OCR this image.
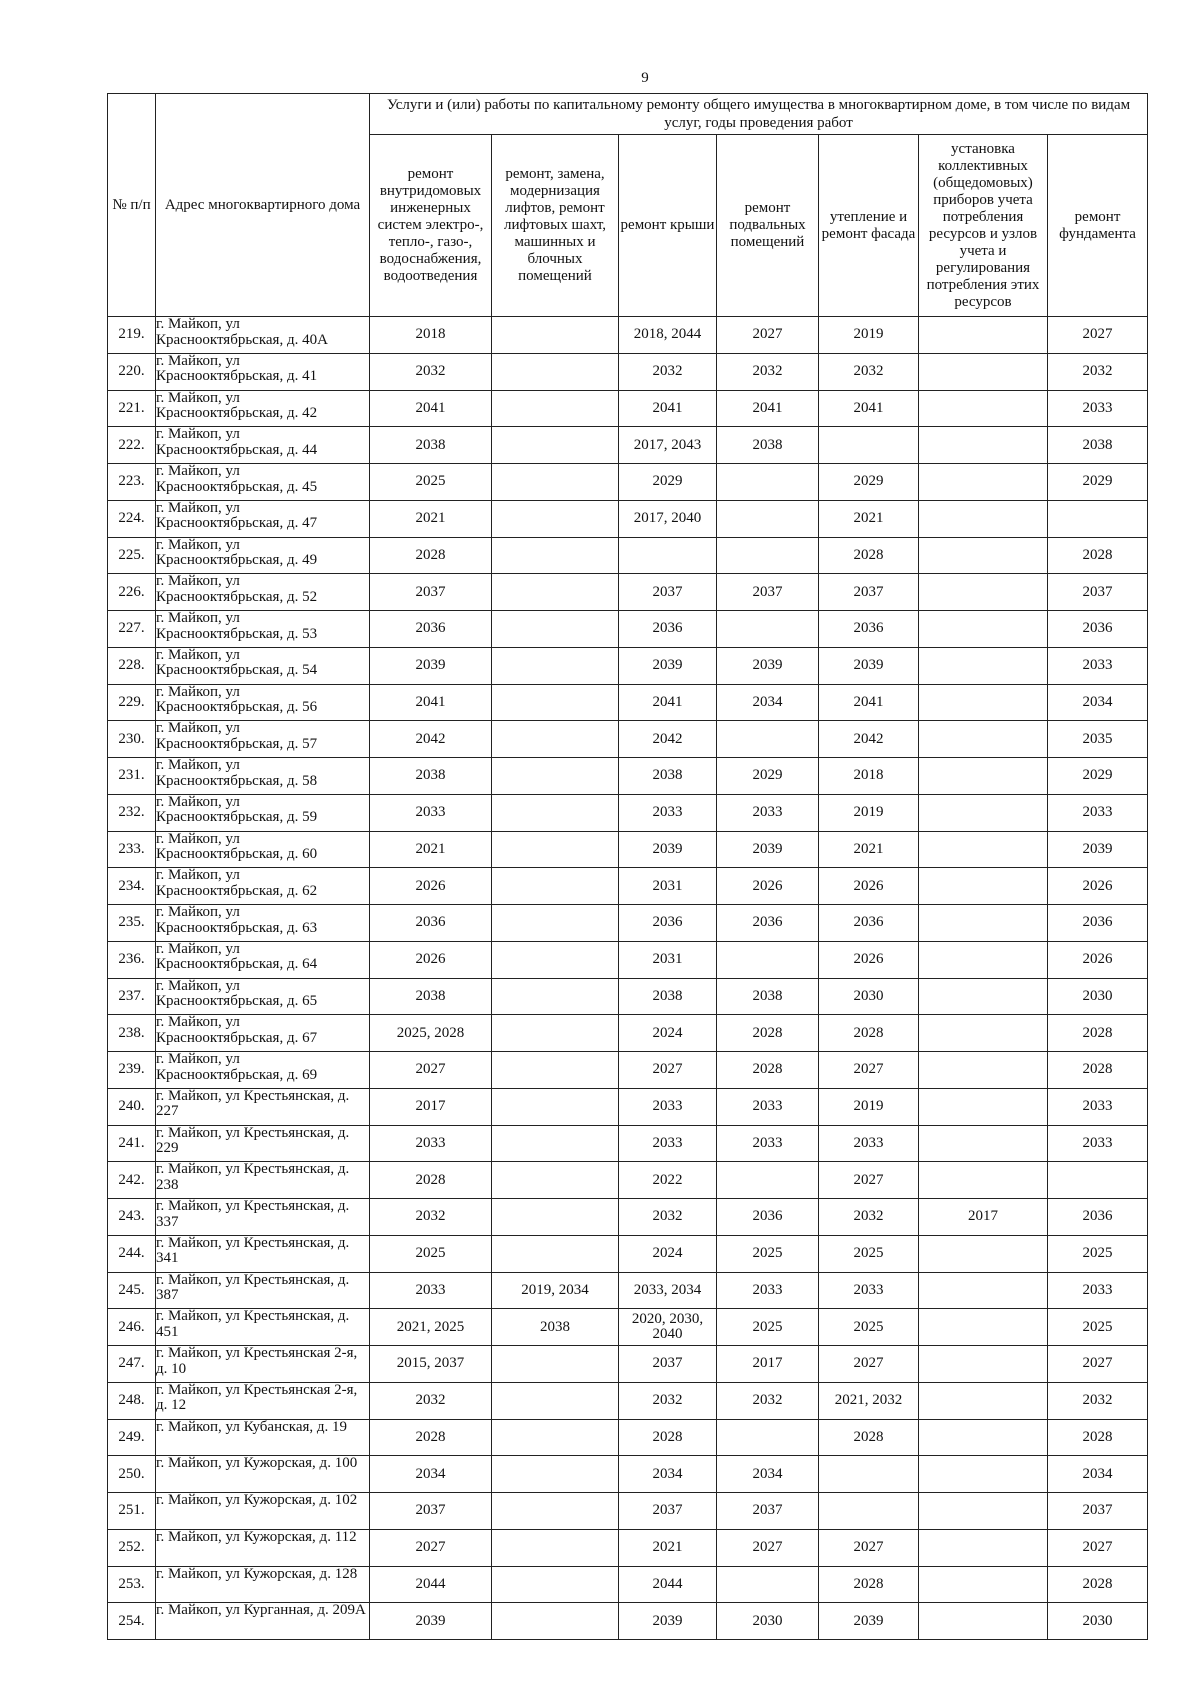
9
№ п/п	Адрес многоквартирного дома	Услуги и (или) работы по капитальному ремонту общего имущества в многоквартирном доме, в том числе по видам услуг, годы проведения работ						
		ремонт внутридомовых инженерных систем электро-, тепло-, газо-, водоснабжения, водоотведения	ремонт, замена, модернизация лифтов, ремонт лифтовых шахт, машинных и блочных помещений	ремонт крыши	ремонт подвальных помещений	утепление и ремонт фасада	установка коллективных (общедомовых) приборов учета потребления ресурсов и узлов учета и регулирования потребления этих ресурсов	ремонт фундамента
219.	г. Майкоп, ул Краснооктябрьская, д. 40А	2018		2018, 2044	2027	2019		2027
220.	г. Майкоп, ул Краснооктябрьская, д. 41	2032		2032	2032	2032		2032
221.	г. Майкоп, ул Краснооктябрьская, д. 42	2041		2041	2041	2041		2033
222.	г. Майкоп, ул Краснооктябрьская, д. 44	2038		2017, 2043	2038			2038
223.	г. Майкоп, ул Краснооктябрьская, д. 45	2025		2029		2029		2029
224.	г. Майкоп, ул Краснооктябрьская, д. 47	2021		2017, 2040		2021		
225.	г. Майкоп, ул Краснооктябрьская, д. 49	2028				2028		2028
226.	г. Майкоп, ул Краснооктябрьская, д. 52	2037		2037	2037	2037		2037
227.	г. Майкоп, ул Краснооктябрьская, д. 53	2036		2036		2036		2036
228.	г. Майкоп, ул Краснооктябрьская, д. 54	2039		2039	2039	2039		2033
229.	г. Майкоп, ул Краснооктябрьская, д. 56	2041		2041	2034	2041		2034
230.	г. Майкоп, ул Краснооктябрьская, д. 57	2042		2042		2042		2035
231.	г. Майкоп, ул Краснооктябрьская, д. 58	2038		2038	2029	2018		2029
232.	г. Майкоп, ул Краснооктябрьская, д. 59	2033		2033	2033	2019		2033
233.	г. Майкоп, ул Краснооктябрьская, д. 60	2021		2039	2039	2021		2039
234.	г. Майкоп, ул Краснооктябрьская, д. 62	2026		2031	2026	2026		2026
235.	г. Майкоп, ул Краснооктябрьская, д. 63	2036		2036	2036	2036		2036
236.	г. Майкоп, ул Краснооктябрьская, д. 64	2026		2031		2026		2026
237.	г. Майкоп, ул Краснооктябрьская, д. 65	2038		2038	2038	2030		2030
238.	г. Майкоп, ул Краснооктябрьская, д. 67	2025, 2028		2024	2028	2028		2028
239.	г. Майкоп, ул Краснооктябрьская, д. 69	2027		2027	2028	2027		2028
240.	г. Майкоп, ул Крестьянская, д. 227	2017		2033	2033	2019		2033
241.	г. Майкоп, ул Крестьянская, д. 229	2033		2033	2033	2033		2033
242.	г. Майкоп, ул Крестьянская, д. 238	2028		2022		2027		
243.	г. Майкоп, ул Крестьянская, д. 337	2032		2032	2036	2032	2017	2036
244.	г. Майкоп, ул Крестьянская, д. 341	2025		2024	2025	2025		2025
245.	г. Майкоп, ул Крестьянская, д. 387	2033	2019, 2034	2033, 2034	2033	2033		2033
246.	г. Майкоп, ул Крестьянская, д. 451	2021, 2025	2038	2020, 2030, 2040	2025	2025		2025
247.	г. Майкоп, ул Крестьянская 2-я, д. 10	2015, 2037		2037	2017	2027		2027
248.	г. Майкоп, ул Крестьянская 2-я, д. 12	2032		2032	2032	2021, 2032		2032
249.	г. Майкоп, ул Кубанская, д. 19	2028		2028		2028		2028
250.	г. Майкоп, ул Кужорская, д. 100	2034		2034	2034			2034
251.	г. Майкоп, ул Кужорская, д. 102	2037		2037	2037			2037
252.	г. Майкоп, ул Кужорская, д. 112	2027		2021	2027	2027		2027
253.	г. Майкоп, ул Кужорская, д. 128	2044		2044		2028		2028
254.	г. Майкоп, ул Курганная, д. 209А	2039		2039	2030	2039		2030
